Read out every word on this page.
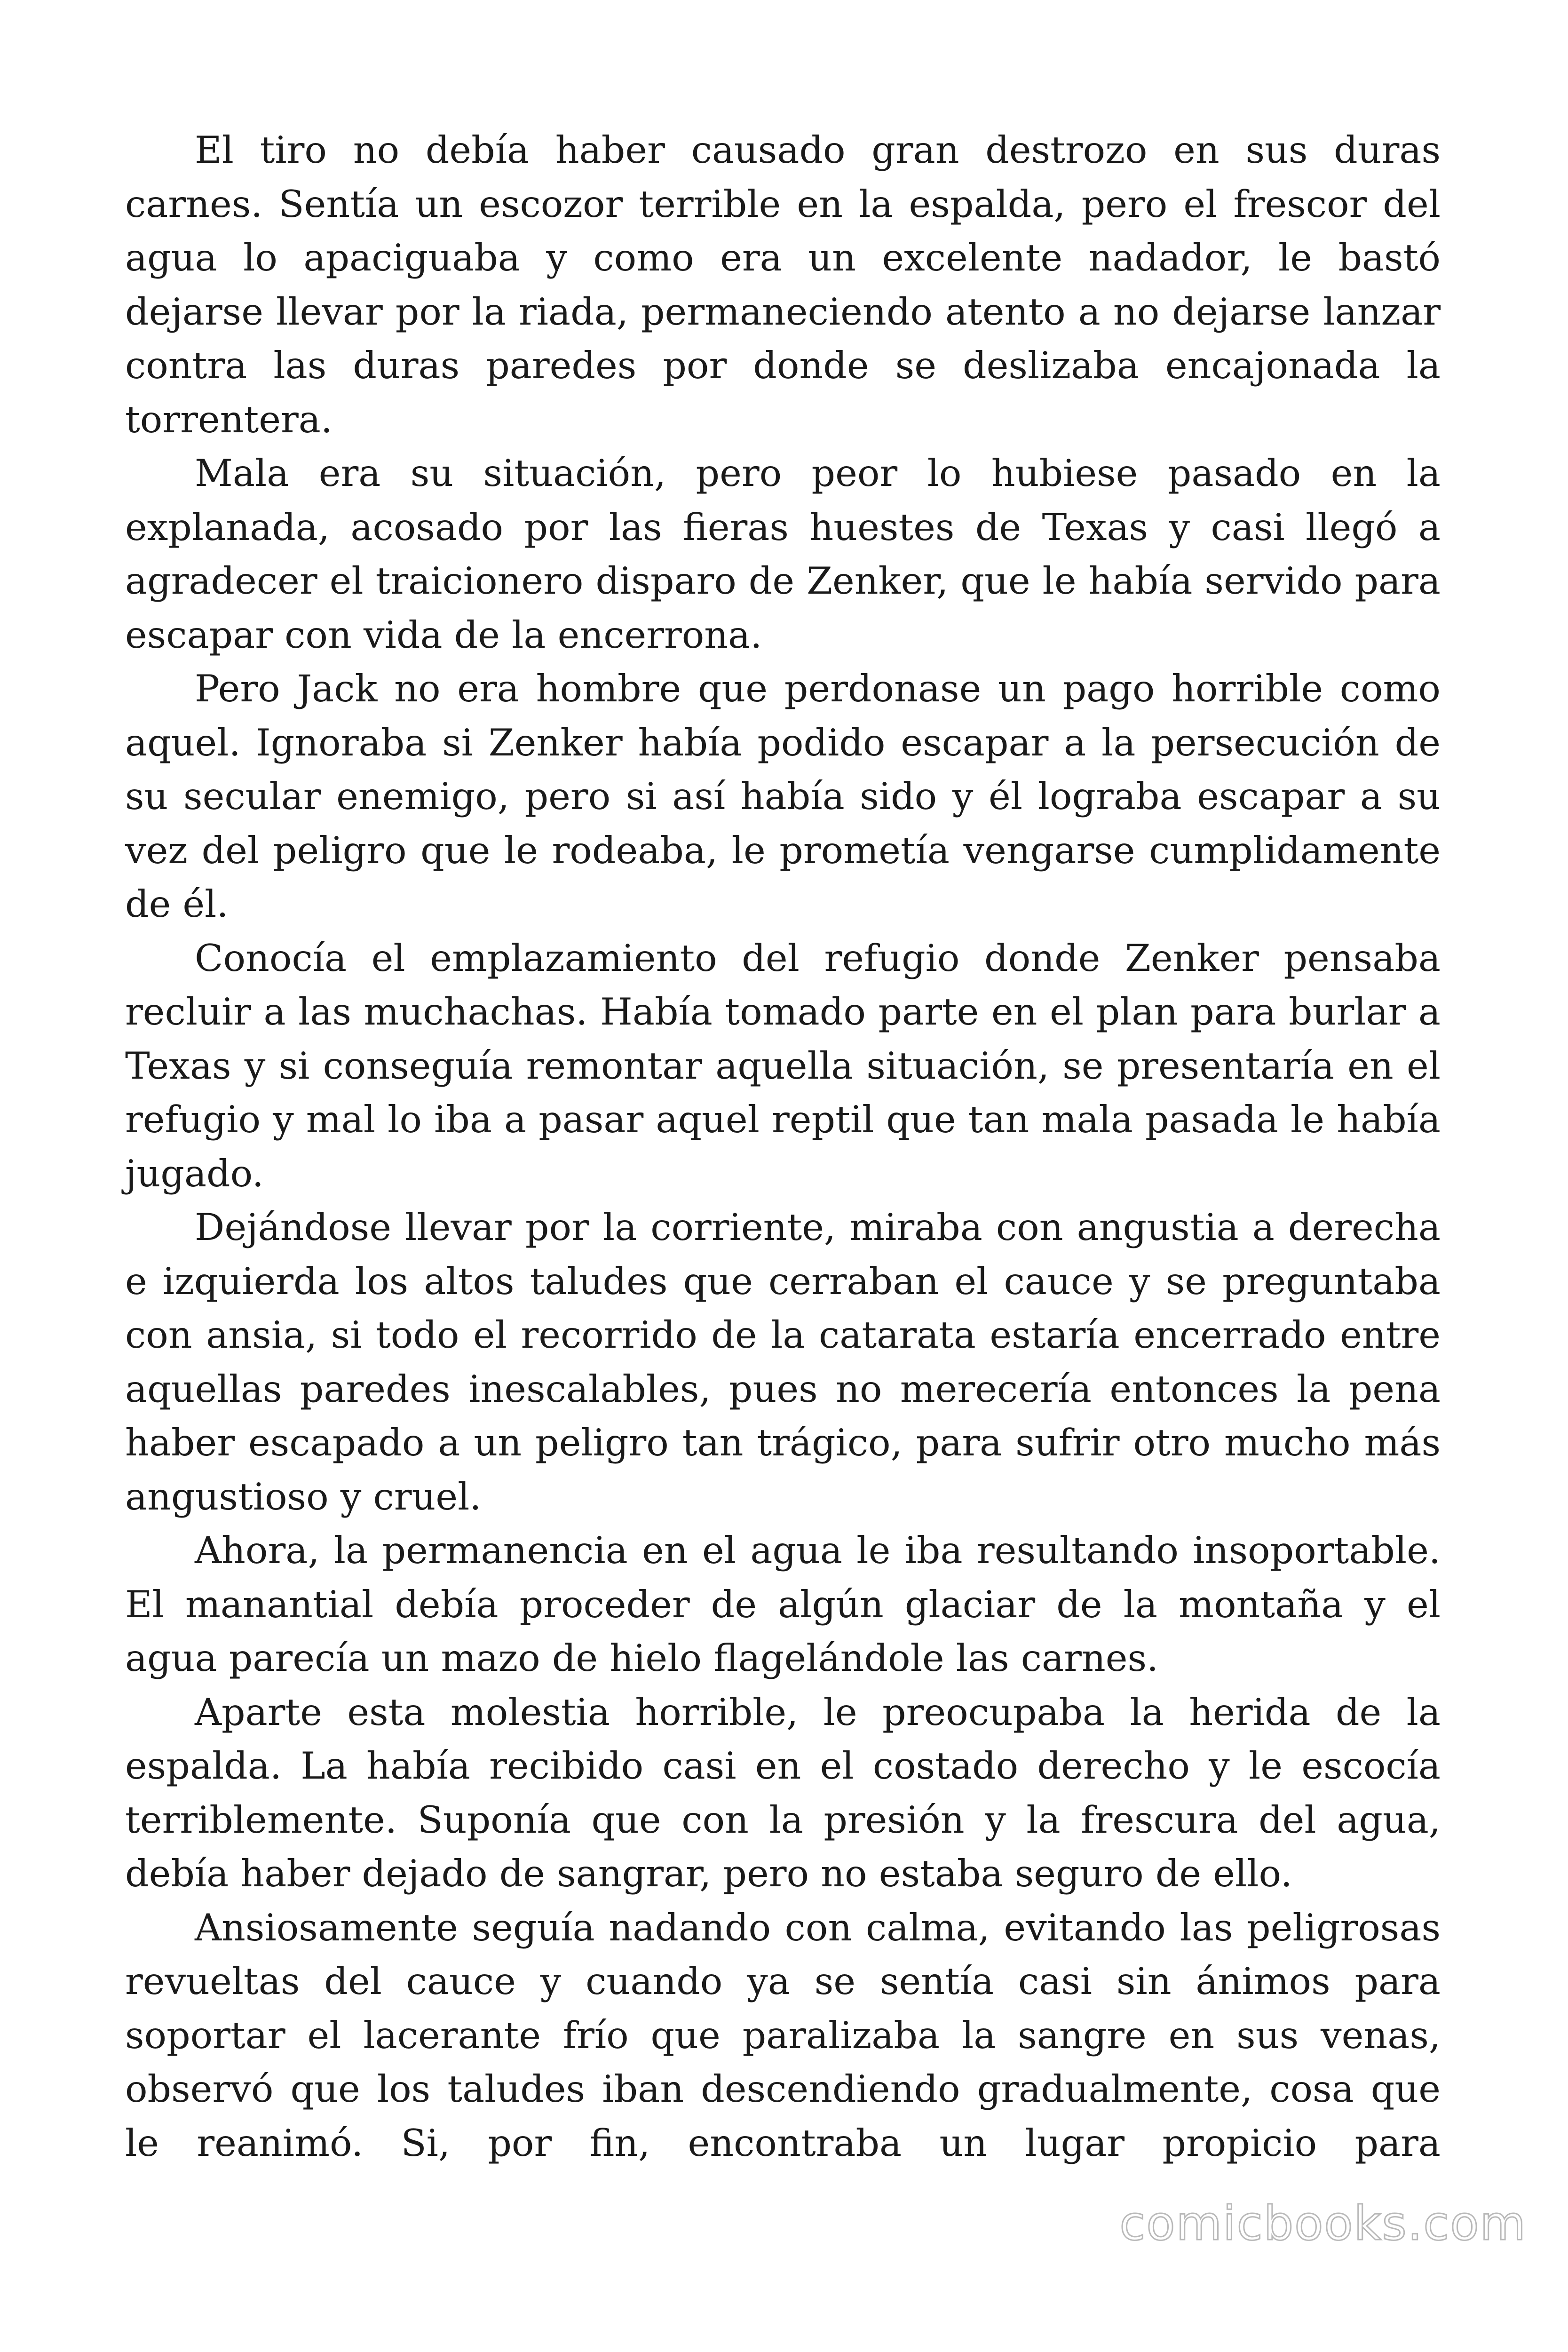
El tiro no debía haber causado gran destrozo en sus duras carnes. Sentía un escozor terrible en la espalda, pero el frescor del agua lo apaciguaba y como era un excelente nadador, le bastó dejarse llevar por la riada, permaneciendo atento a no dejarse lanzar contra las duras paredes por donde se deslizaba encajonada la torrentera.

Mala era su situación, pero peor lo hubiese pasado en la explanada, acosado por las fieras huestes de Texas y casi llegó a agradecer el traicionero disparo de Zenker, que le había servido para escapar con vida de la encerrona.

Pero Jack no era hombre que perdonase un pago horrible como aquel. Ignoraba si Zenker había podido escapar a la persecución de su secular enemigo, pero si así había sido y él lograba escapar a su vez del peligro que le rodeaba, le prometía vengarse cumplidamente de él.

Conocía el emplazamiento del refugio donde Zenker pensaba recluir a las muchachas. Había tomado parte en el plan para burlar a Texas y si conseguía remontar aquella situación, se presentaría en el refugio y mal lo iba a pasar aquel reptil que tan mala pasada le había jugado.

Dejándose llevar por la corriente, miraba con angustia a derecha e izquierda los altos taludes que cerraban el cauce y se preguntaba con ansia, si todo el recorrido de la catarata estaría encerrado entre aquellas paredes inescalables, pues no merecería entonces la pena haber escapado a un peligro tan trágico, para sufrir otro mucho más angustioso y cruel.

Ahora, la permanencia en el agua le iba resultando insoportable. El manantial debía proceder de algún glaciar de la montaña y el agua parecía un mazo de hielo flagelándole las carnes.

Aparte esta molestia horrible, le preocupaba la herida de la espalda. La había recibido casi en el costado derecho y le escocía terriblemente. Suponía que con la presión y la frescura del agua, debía haber dejado de sangrar, pero no estaba seguro de ello.

Ansiosamente seguía nadando con calma, evitando las peligrosas revueltas del cauce y cuando ya se sentía casi sin ánimos para soportar el lacerante frío que paralizaba la sangre en sus venas, observó que los taludes iban descendiendo gradualmente, cosa que le reanimó. Si, por fin, encontraba un lugar propicio para

comicbooks.com
